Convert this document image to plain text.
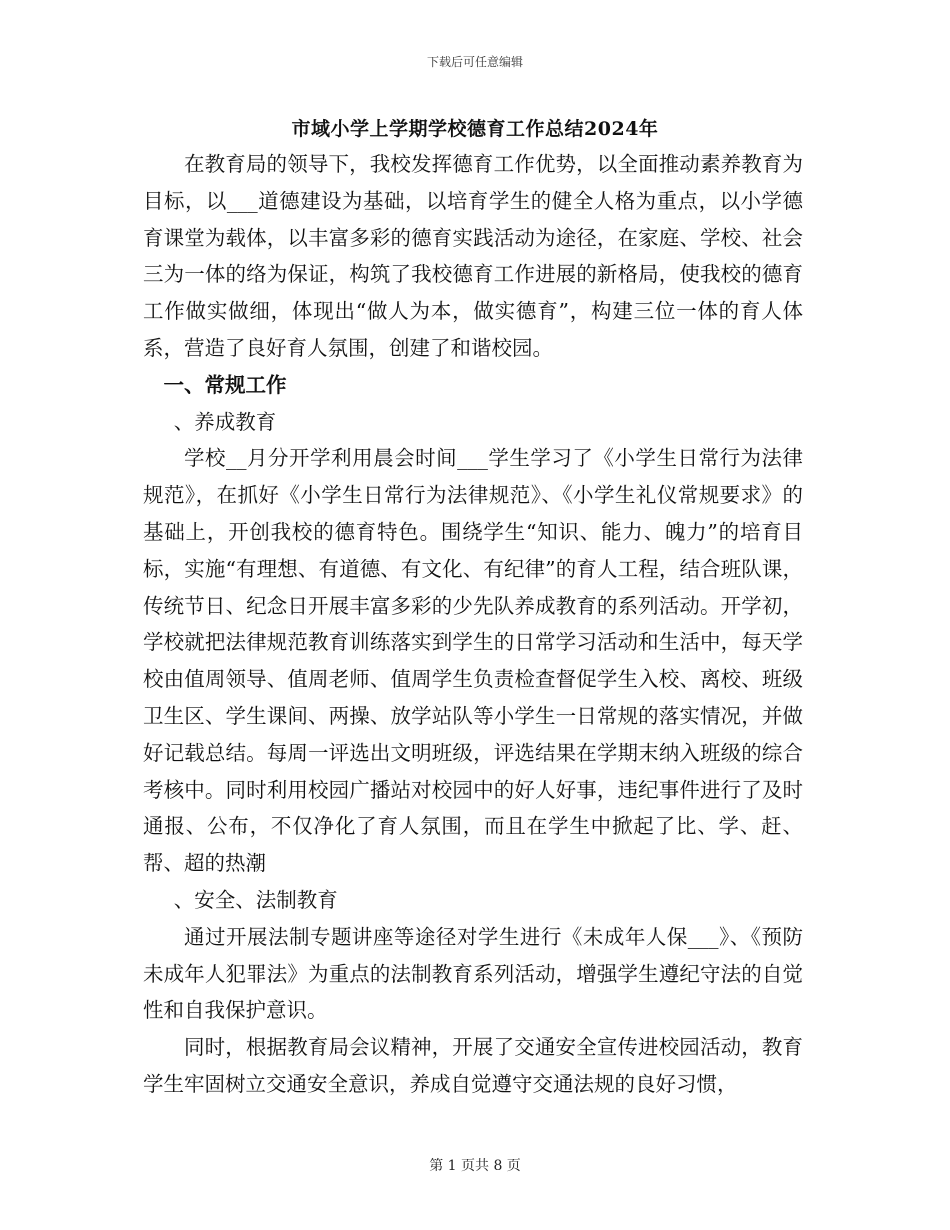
下载后可任意编辑
市域小学上学期学校德育工作总结2024年

在教育局的领导下，我校发挥德育工作优势，以全面推动素养教育为目标，以___道德建设为基础，以培育学生的健全人格为重点，以小学德育课堂为载体，以丰富多彩的德育实践活动为途径，在家庭、学校、社会三为一体的络为保证，构筑了我校德育工作进展的新格局，使我校的德育工作做实做细，体现出“做人为本，做实德育”，构建三位一体的育人体系，营造了良好育人氛围，创建了和谐校园。

一、常规工作

、养成教育

学校__月分开学利用晨会时间___学生学习了《小学生日常行为法律规范》，在抓好《小学生日常行为法律规范》、《小学生礼仪常规要求》的基础上，开创我校的德育特色。围绕学生“知识、能力、魄力”的培育目标，实施“有理想、有道德、有文化、有纪律”的育人工程，结合班队课，传统节日、纪念日开展丰富多彩的少先队养成教育的系列活动。开学初，学校就把法律规范教育训练落实到学生的日常学习活动和生活中，每天学校由值周领导、值周老师、值周学生负责检查督促学生入校、离校、班级卫生区、学生课间、两操、放学站队等小学生一日常规的落实情况，并做好记载总结。每周一评选出文明班级，评选结果在学期末纳入班级的综合考核中。同时利用校园广播站对校园中的好人好事，违纪事件进行了及时通报、公布，不仅净化了育人氛围，而且在学生中掀起了比、学、赶、帮、超的热潮

、安全、法制教育

通过开展法制专题讲座等途径对学生进行《未成年人保___》、《预防未成年人犯罪法》为重点的法制教育系列活动，增强学生遵纪守法的自觉性和自我保护意识。

同时，根据教育局会议精神，开展了交通安全宣传进校园活动，教育学生牢固树立交通安全意识，养成自觉遵守交通法规的良好习惯，

第 1 页共 8 页
